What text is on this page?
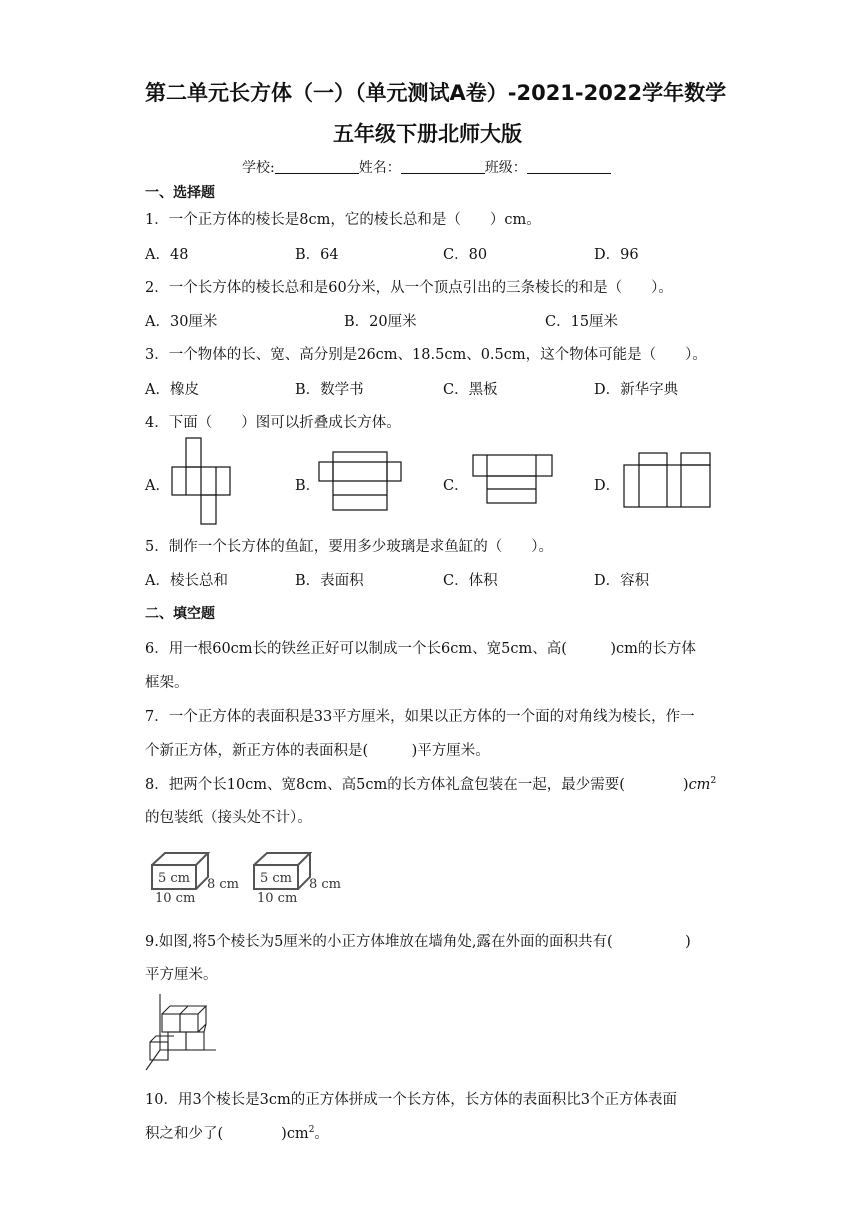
第二单元长方体（一）（单元测试A卷）-2021-2022学年数学
五年级下册北师大版
学校:	姓名：	班级：
一、选择题
1．一个正方体的棱长是8cm，它的棱长总和是（　　）cm。
A．48	B．64	C．80	D．96
2．一个长方体的棱长总和是60分米，从一个顶点引出的三条棱长的和是（　　）。
A．30厘米	B．20厘米	C．15厘米
3．一个物体的长、宽、高分别是26cm、18.5cm、0.5cm，这个物体可能是（　　）。
A．橡皮	B．数学书	C．黑板	D．新华字典
4．下面（　　）图可以折叠成长方体。
A．	B．	C．	D．
5．制作一个长方体的鱼缸，要用多少玻璃是求鱼缸的（　　）。
A．棱长总和	B．表面积	C．体积	D．容积
二、填空题
6．用一根60cm长的铁丝正好可以制成一个长6cm、宽5cm、高(　　　)cm的长方体
框架。
7．一个正方体的表面积是33平方厘米，如果以正方体的一个面的对角线为棱长，作一
个新正方体，新正方体的表面积是(　　　)平方厘米。
8．把两个长10cm、宽8cm、高5cm的长方体礼盒包装在一起，最少需要(　　　　)$cm^2$
的包装纸（接头处不计）。
5 cm 8 cm
10 cm
5 cm 8 cm
10 cm
9.如图,将5个棱长为5厘米的小正方体堆放在墙角处,露在外面的面积共有(　　　　　)
平方厘米。
10．用3个棱长是3cm的正方体拼成一个长方体，长方体的表面积比3个正方体表面
积之和少了(　　　　)$cm^2$。
